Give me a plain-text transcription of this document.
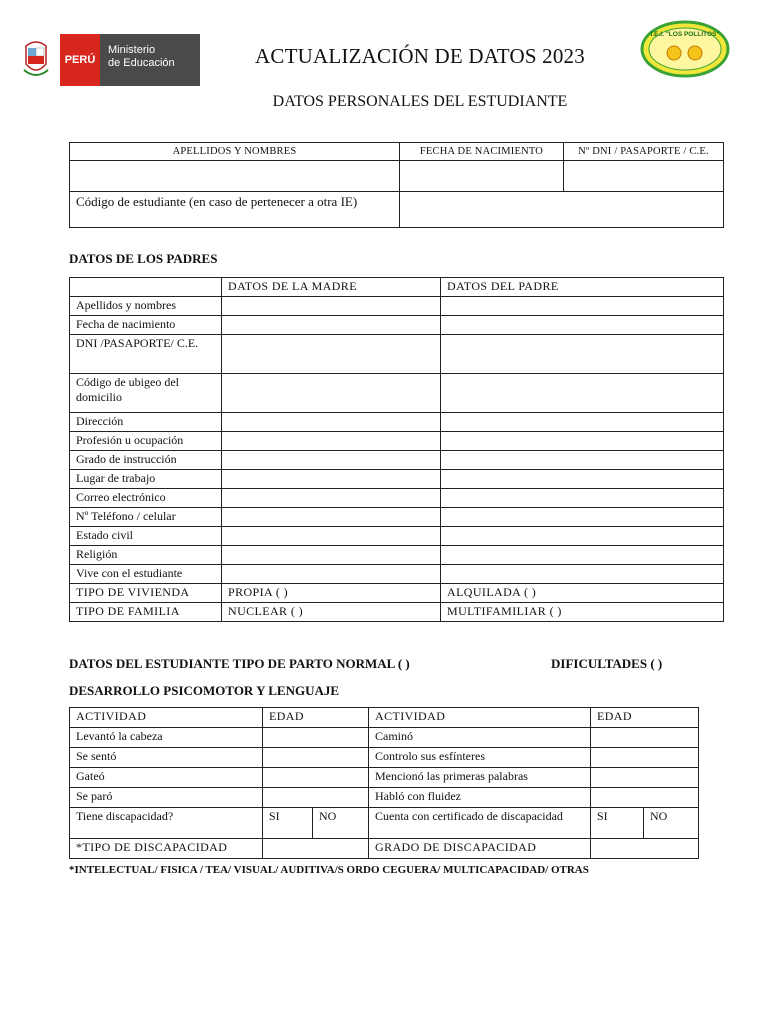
PERÚ
Ministerio
de Educación
I.E.I. "LOS POLLITOS"
ACTUALIZACIÓN DE DATOS 2023
DATOS PERSONALES DEL ESTUDIANTE
APELLIDOS Y NOMBRES	FECHA DE NACIMIENTO	Nº DNI / PASAPORTE / C.E.

Código de estudiante (en caso de pertenecer a otra IE)		
DATOS DE LOS PADRES
	DATOS DE LA MADRE	DATOS DEL PADRE
Apellidos y nombres		
Fecha de nacimiento		
DNI /PASAPORTE/ C.E.		
Código de ubigeo del domicilio		
Dirección		
Profesión u ocupación		
Grado de instrucción		
Lugar de trabajo		
Correo electrónico		
Nº Teléfono / celular		
Estado civil		
Religión		
Vive con el estudiante		
TIPO DE VIVIENDA	PROPIA ( )	ALQUILADA ( )
TIPO DE FAMILIA	NUCLEAR ( )	MULTIFAMILIAR ( )
DATOS DEL ESTUDIANTE TIPO DE PARTO NORMAL ( )	DIFICULTADES ( )
DESARROLLO PSICOMOTOR Y LENGUAJE
ACTIVIDAD	EDAD		ACTIVIDAD	EDAD	
Levantó la cabeza			Caminó		
Se sentó			Controlo sus esfínteres		
Gateó			Mencionó las primeras palabras		
Se paró			Habló con fluidez		
Tiene discapacidad?	SI	NO	Cuenta con certificado de discapacidad	SI	NO
*TIPO DE DISCAPACIDAD			GRADO DE DISCAPACIDAD		
*INTELECTUAL/ FISICA / TEA/ VISUAL/ AUDITIVA/S ORDO CEGUERA/ MULTICAPACIDAD/ OTRAS
